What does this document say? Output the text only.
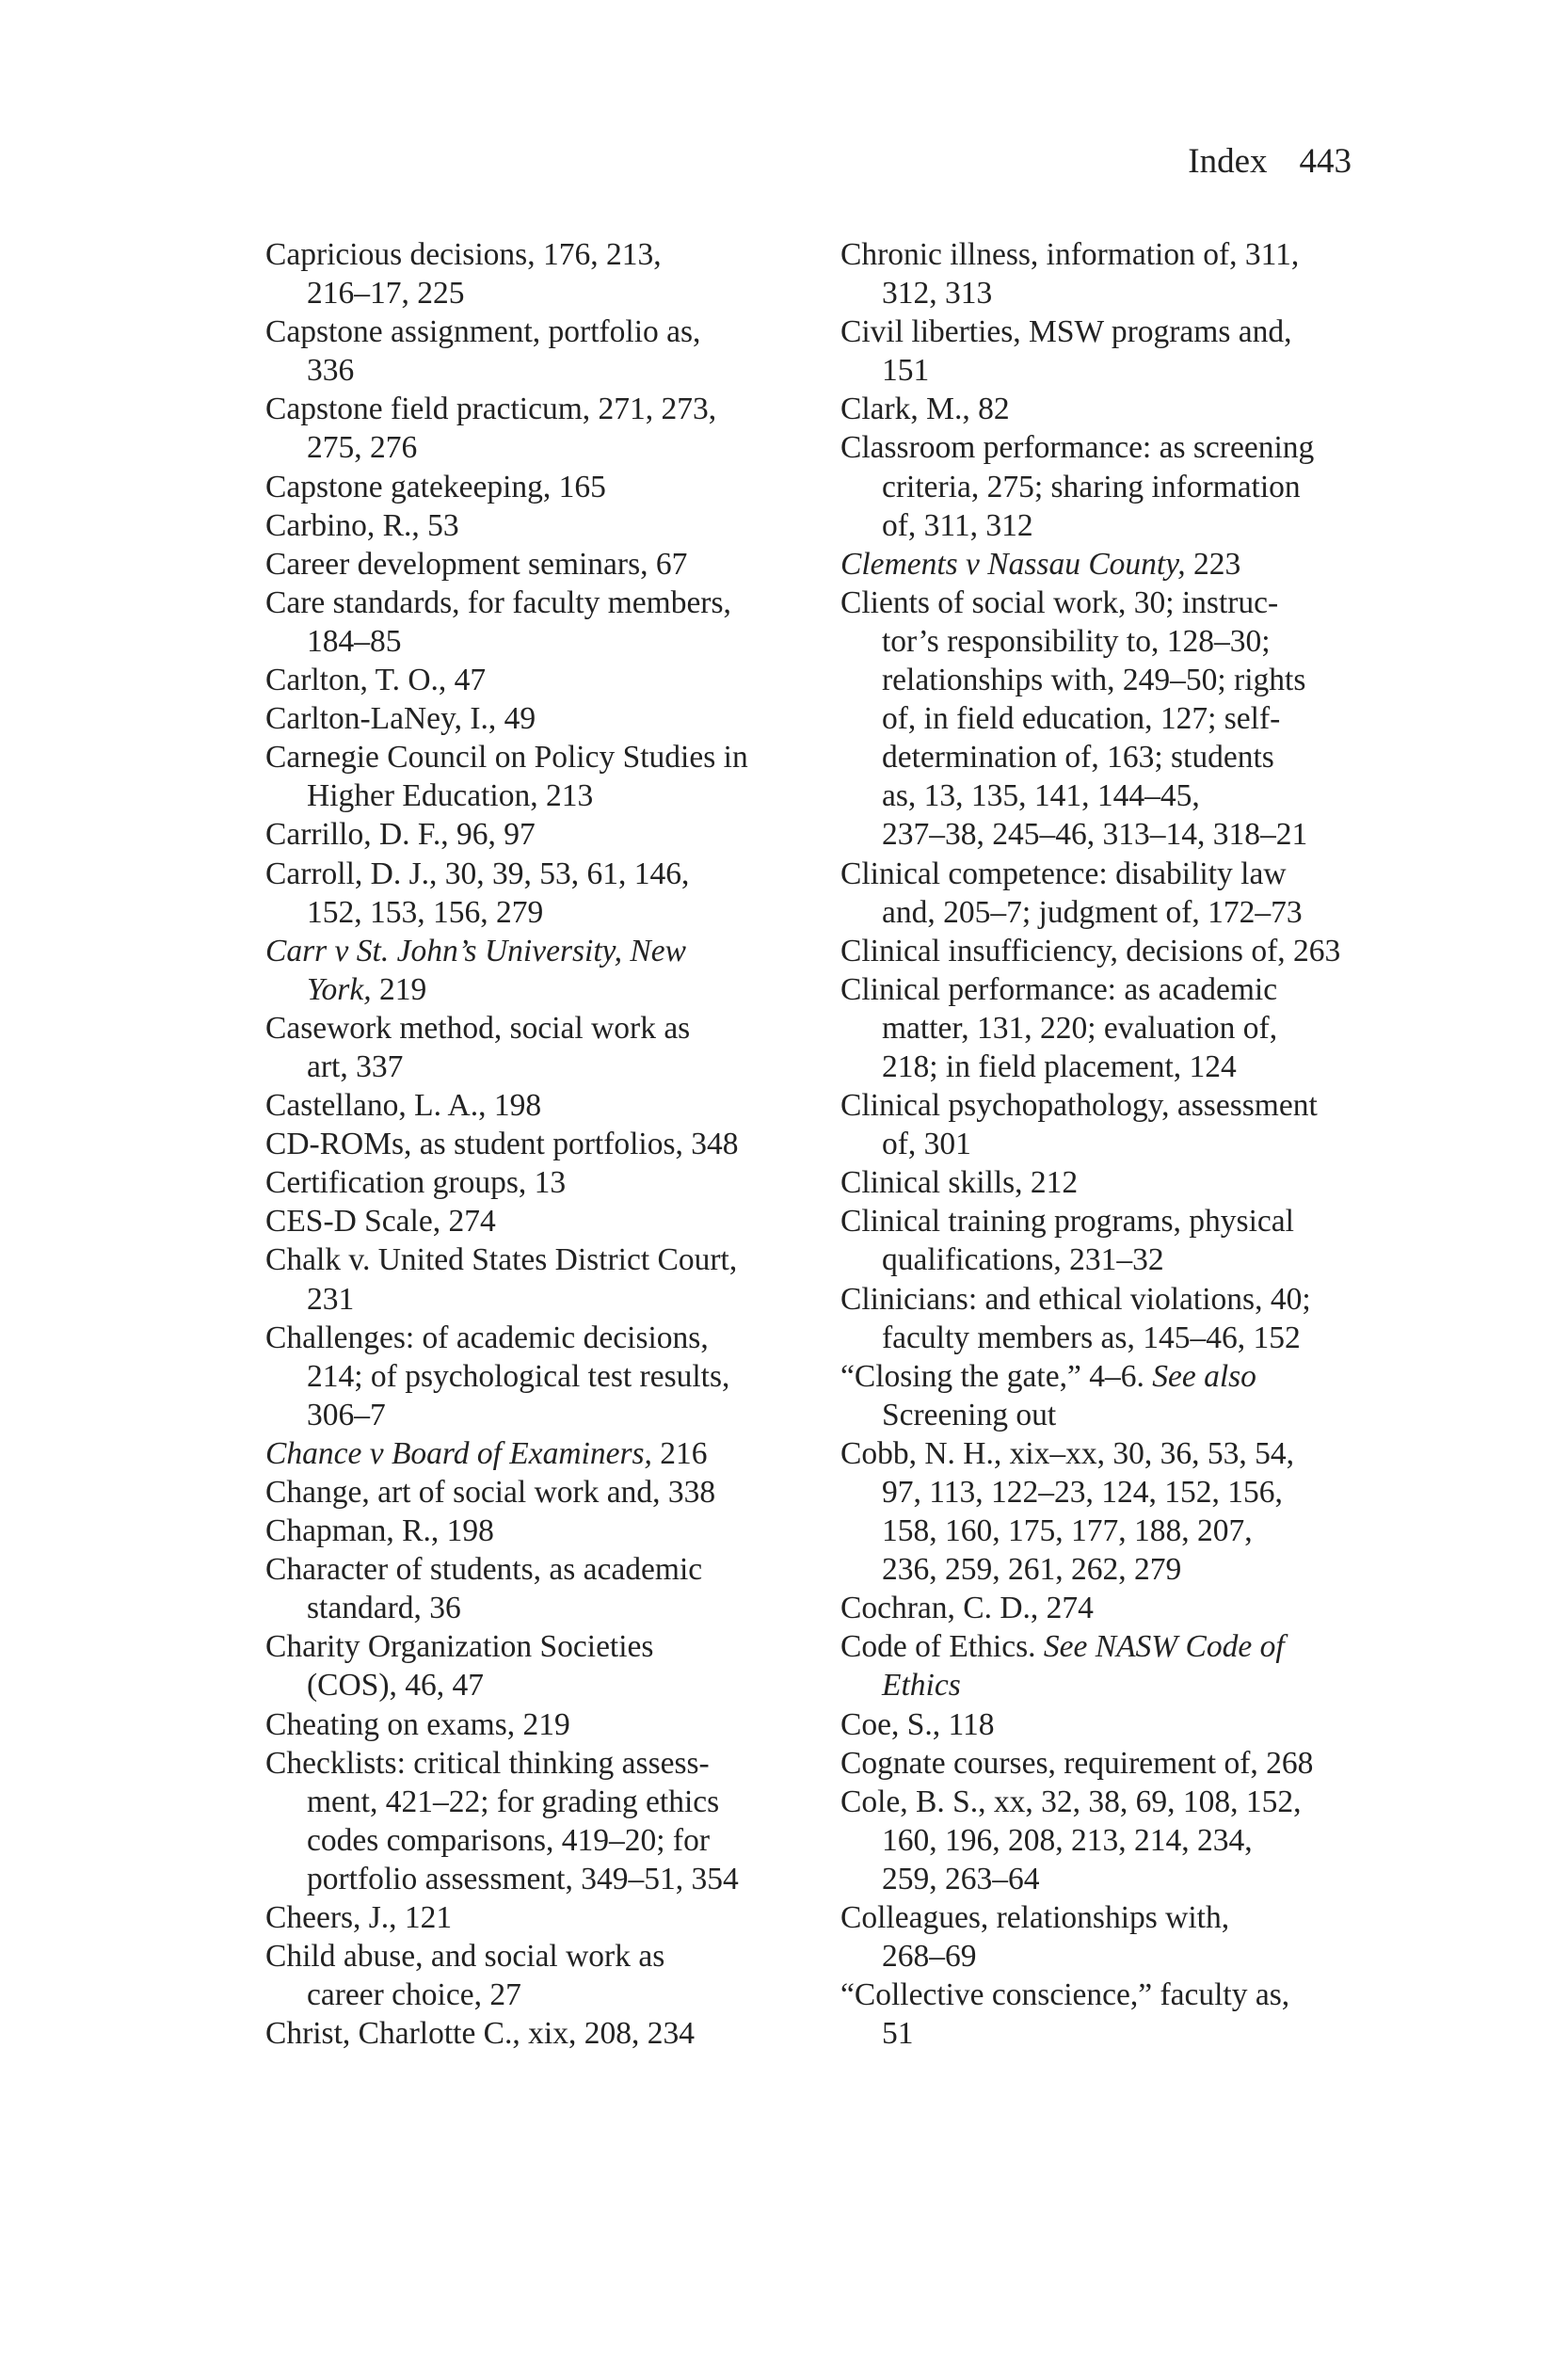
Index 443
Capricious decisions, 176, 213,
216–17, 225
Capstone assignment, portfolio as,
336
Capstone field practicum, 271, 273,
275, 276
Capstone gatekeeping, 165
Carbino, R., 53
Career development seminars, 67
Care standards, for faculty members,
184–85
Carlton, T. O., 47
Carlton-LaNey, I., 49
Carnegie Council on Policy Studies in
Higher Education, 213
Carrillo, D. F., 96, 97
Carroll, D. J., 30, 39, 53, 61, 146,
152, 153, 156, 279
Carr v St. John’s University, New
York, 219
Casework method, social work as
art, 337
Castellano, L. A., 198
CD-ROMs, as student portfolios, 348
Certification groups, 13
CES-D Scale, 274
Chalk v. United States District Court,
231
Challenges: of academic decisions,
214; of psychological test results,
306–7
Chance v Board of Examiners, 216
Change, art of social work and, 338
Chapman, R., 198
Character of students, as academic
standard, 36
Charity Organization Societies
(COS), 46, 47
Cheating on exams, 219
Checklists: critical thinking assess-
ment, 421–22; for grading ethics
codes comparisons, 419–20; for
portfolio assessment, 349–51, 354
Cheers, J., 121
Child abuse, and social work as
career choice, 27
Christ, Charlotte C., xix, 208, 234
Chronic illness, information of, 311,
312, 313
Civil liberties, MSW programs and,
151
Clark, M., 82
Classroom performance: as screening
criteria, 275; sharing information
of, 311, 312
Clements v Nassau County, 223
Clients of social work, 30; instruc-
tor’s responsibility to, 128–30;
relationships with, 249–50; rights
of, in field education, 127; self-
determination of, 163; students
as, 13, 135, 141, 144–45,
237–38, 245–46, 313–14, 318–21
Clinical competence: disability law
and, 205–7; judgment of, 172–73
Clinical insufficiency, decisions of, 263
Clinical performance: as academic
matter, 131, 220; evaluation of,
218; in field placement, 124
Clinical psychopathology, assessment
of, 301
Clinical skills, 212
Clinical training programs, physical
qualifications, 231–32
Clinicians: and ethical violations, 40;
faculty members as, 145–46, 152
“Closing the gate,” 4–6. See also
Screening out
Cobb, N. H., xix–xx, 30, 36, 53, 54,
97, 113, 122–23, 124, 152, 156,
158, 160, 175, 177, 188, 207,
236, 259, 261, 262, 279
Cochran, C. D., 274
Code of Ethics. See NASW Code of
Ethics
Coe, S., 118
Cognate courses, requirement of, 268
Cole, B. S., xx, 32, 38, 69, 108, 152,
160, 196, 208, 213, 214, 234,
259, 263–64
Colleagues, relationships with,
268–69
“Collective conscience,” faculty as,
51
